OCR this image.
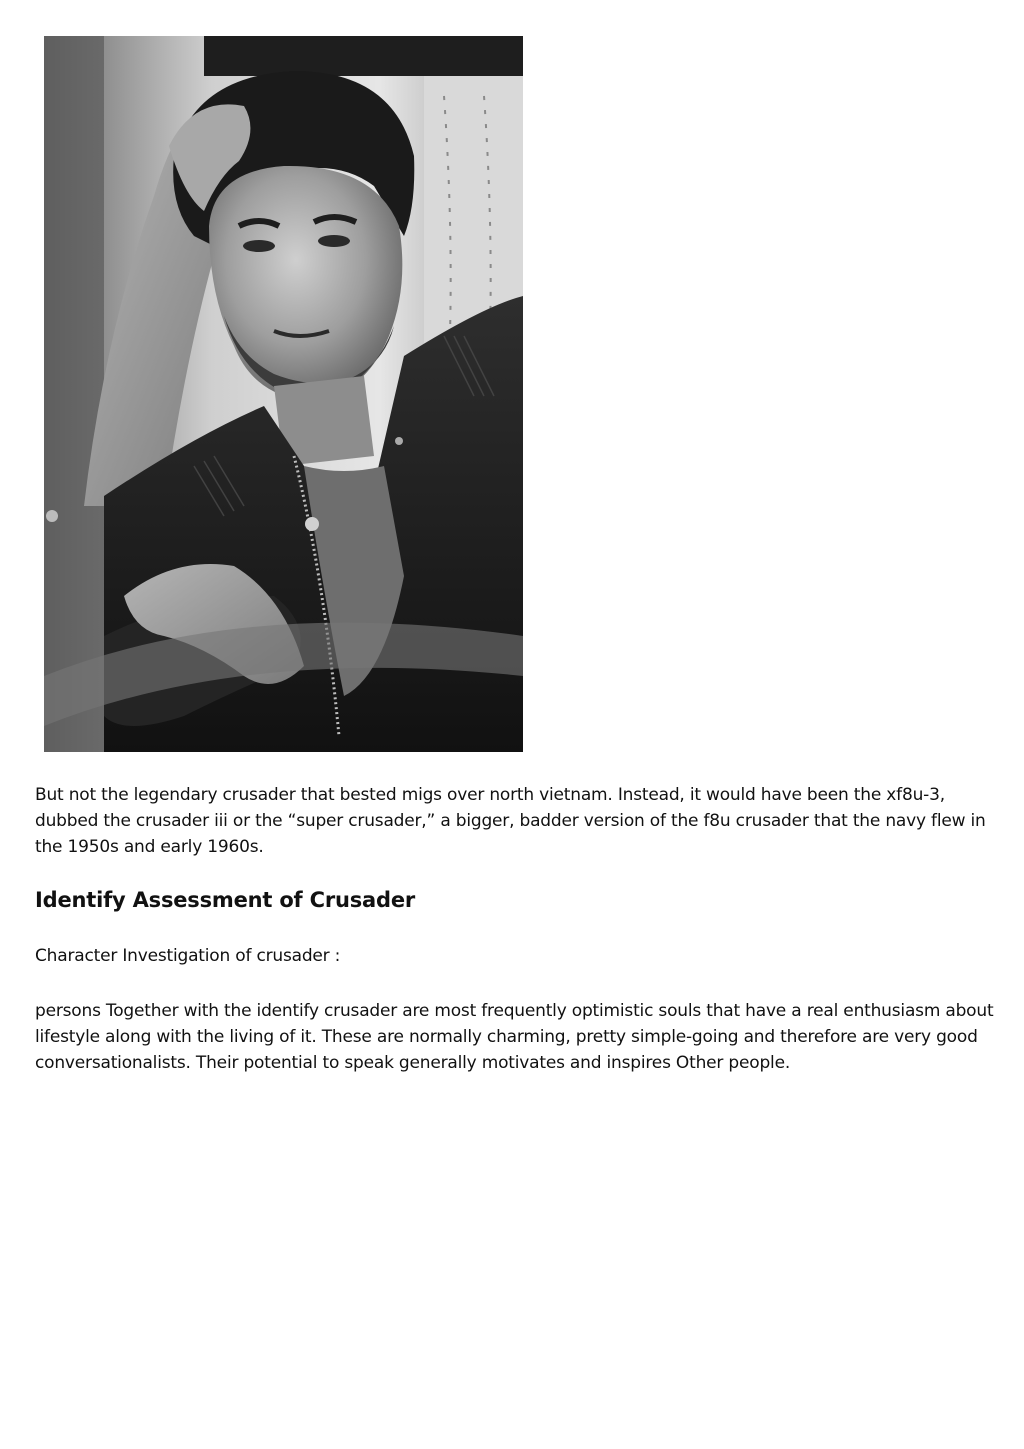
But not the legendary crusader that bested migs over north vietnam. Instead, it would have been the xf8u-3, dubbed the crusader iii or the “super crusader,” a bigger, badder version of the f8u crusader that the navy flew in the 1950s and early 1960s.

Identify Assessment of Crusader

Character Investigation of crusader :

persons Together with the identify crusader are most frequently optimistic souls that have a real enthusiasm about lifestyle along with the living of it. These are normally charming, pretty simple-going and therefore are very good conversationalists. Their potential to speak generally motivates and inspires Other people.
